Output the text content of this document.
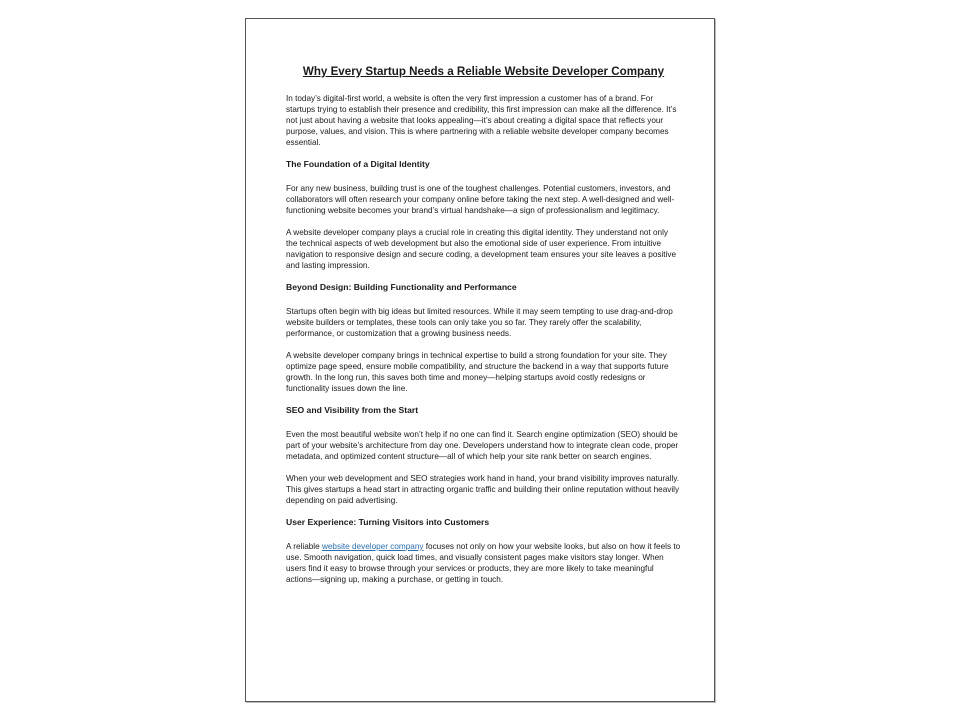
Why Every Startup Needs a Reliable Website Developer Company

In today’s digital-first world, a website is often the very first impression a customer has of a brand. For startups trying to establish their presence and credibility, this first impression can make all the difference. It’s not just about having a website that looks appealing—it’s about creating a digital space that reflects your purpose, values, and vision. This is where partnering with a reliable website developer company becomes essential.

The Foundation of a Digital Identity

For any new business, building trust is one of the toughest challenges. Potential customers, investors, and collaborators will often research your company online before taking the next step. A well-designed and well-functioning website becomes your brand’s virtual handshake—a sign of professionalism and legitimacy.

A website developer company plays a crucial role in creating this digital identity. They understand not only the technical aspects of web development but also the emotional side of user experience. From intuitive navigation to responsive design and secure coding, a development team ensures your site leaves a positive and lasting impression.

Beyond Design: Building Functionality and Performance

Startups often begin with big ideas but limited resources. While it may seem tempting to use drag-and-drop website builders or templates, these tools can only take you so far. They rarely offer the scalability, performance, or customization that a growing business needs.

A website developer company brings in technical expertise to build a strong foundation for your site. They optimize page speed, ensure mobile compatibility, and structure the backend in a way that supports future growth. In the long run, this saves both time and money—helping startups avoid costly redesigns or functionality issues down the line.

SEO and Visibility from the Start

Even the most beautiful website won’t help if no one can find it. Search engine optimization (SEO) should be part of your website’s architecture from day one. Developers understand how to integrate clean code, proper metadata, and optimized content structure—all of which help your site rank better on search engines.

When your web development and SEO strategies work hand in hand, your brand visibility improves naturally. This gives startups a head start in attracting organic traffic and building their online reputation without heavily depending on paid advertising.

User Experience: Turning Visitors into Customers

A reliable website developer company focuses not only on how your website looks, but also on how it feels to use. Smooth navigation, quick load times, and visually consistent pages make visitors stay longer. When users find it easy to browse through your services or products, they are more likely to take meaningful actions—signing up, making a purchase, or getting in touch.
